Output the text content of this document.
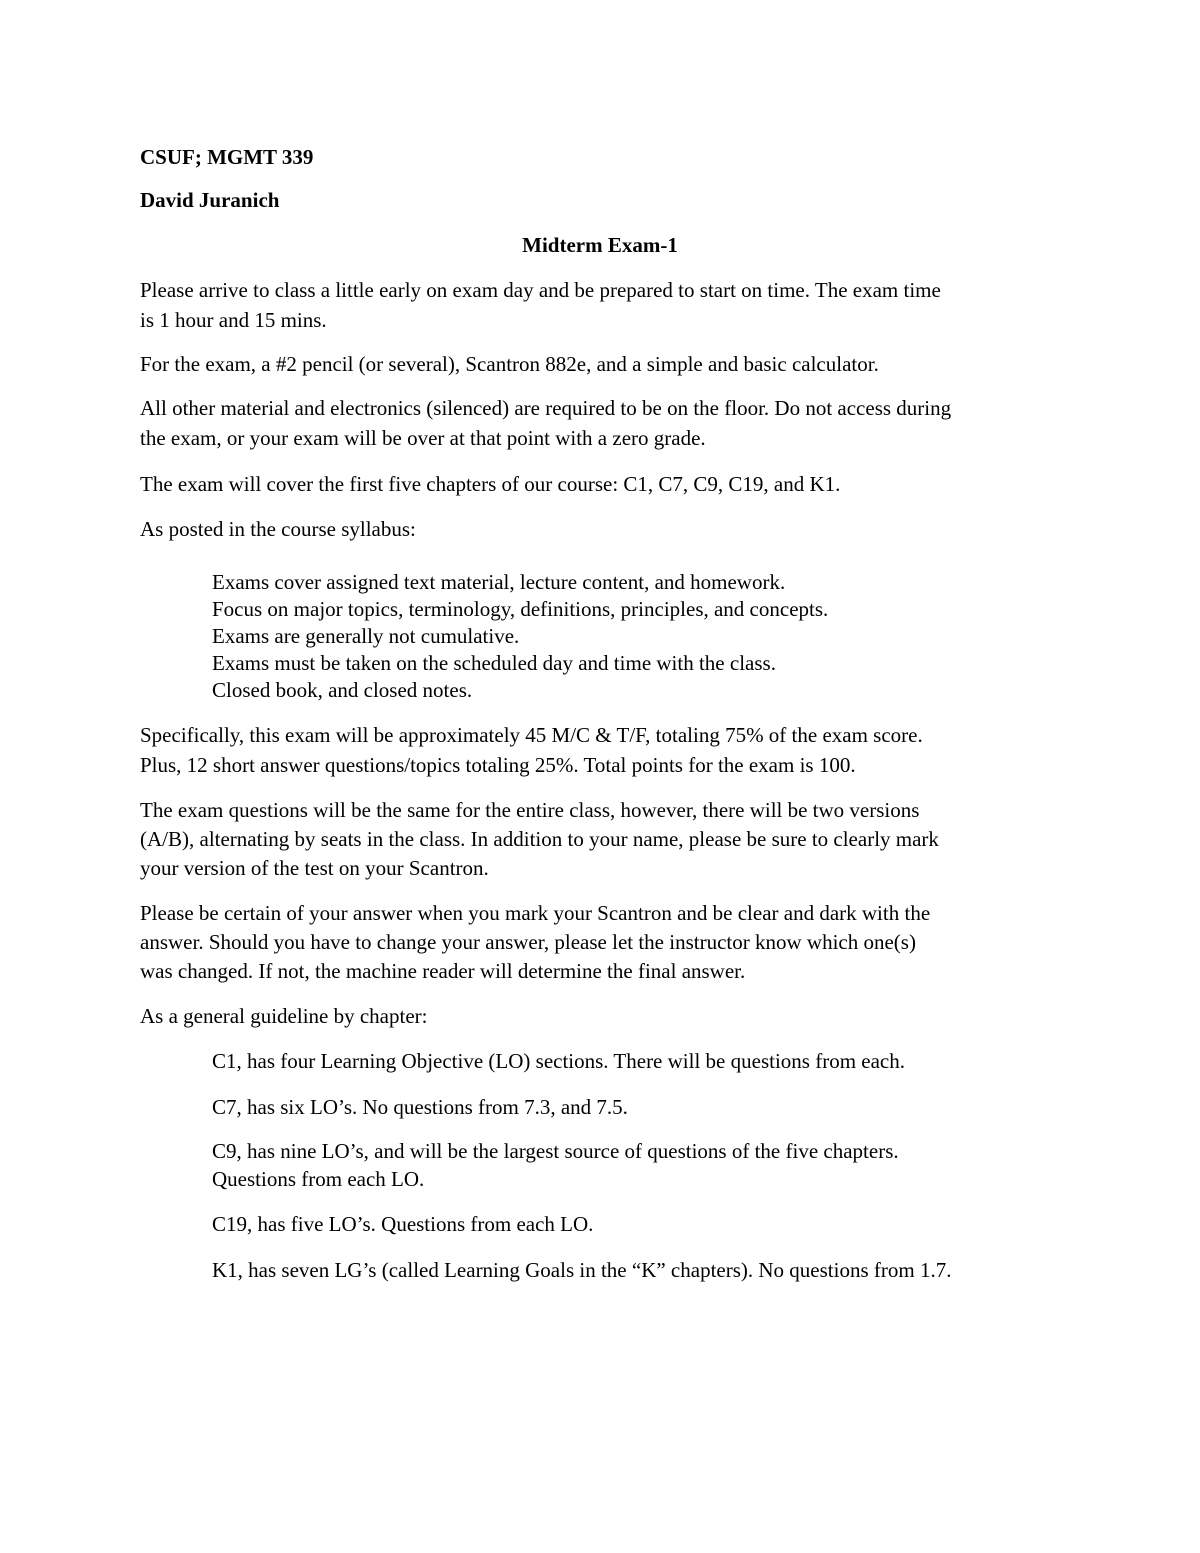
CSUF; MGMT 339
David Juranich
Midterm Exam-1
Please arrive to class a little early on exam day and be prepared to start on time. The exam time
is 1 hour and 15 mins.
For the exam, a #2 pencil (or several), Scantron 882e, and a simple and basic calculator.
All other material and electronics (silenced) are required to be on the floor. Do not access during
the exam, or your exam will be over at that point with a zero grade.
The exam will cover the first five chapters of our course: C1, C7, C9, C19, and K1.
As posted in the course syllabus:
Exams cover assigned text material, lecture content, and homework.
Focus on major topics, terminology, definitions, principles, and concepts.
Exams are generally not cumulative.
Exams must be taken on the scheduled day and time with the class.
Closed book, and closed notes.
Specifically, this exam will be approximately 45 M/C & T/F, totaling 75% of the exam score.
Plus, 12 short answer questions/topics totaling 25%. Total points for the exam is 100.
The exam questions will be the same for the entire class, however, there will be two versions
(A/B), alternating by seats in the class. In addition to your name, please be sure to clearly mark
your version of the test on your Scantron.
Please be certain of your answer when you mark your Scantron and be clear and dark with the
answer. Should you have to change your answer, please let the instructor know which one(s)
was changed. If not, the machine reader will determine the final answer.
As a general guideline by chapter:
C1, has four Learning Objective (LO) sections. There will be questions from each.
C7, has six LO’s. No questions from 7.3, and 7.5.
C9, has nine LO’s, and will be the largest source of questions of the five chapters.
Questions from each LO.
C19, has five LO’s. Questions from each LO.
K1, has seven LG’s (called Learning Goals in the “K” chapters). No questions from 1.7.
